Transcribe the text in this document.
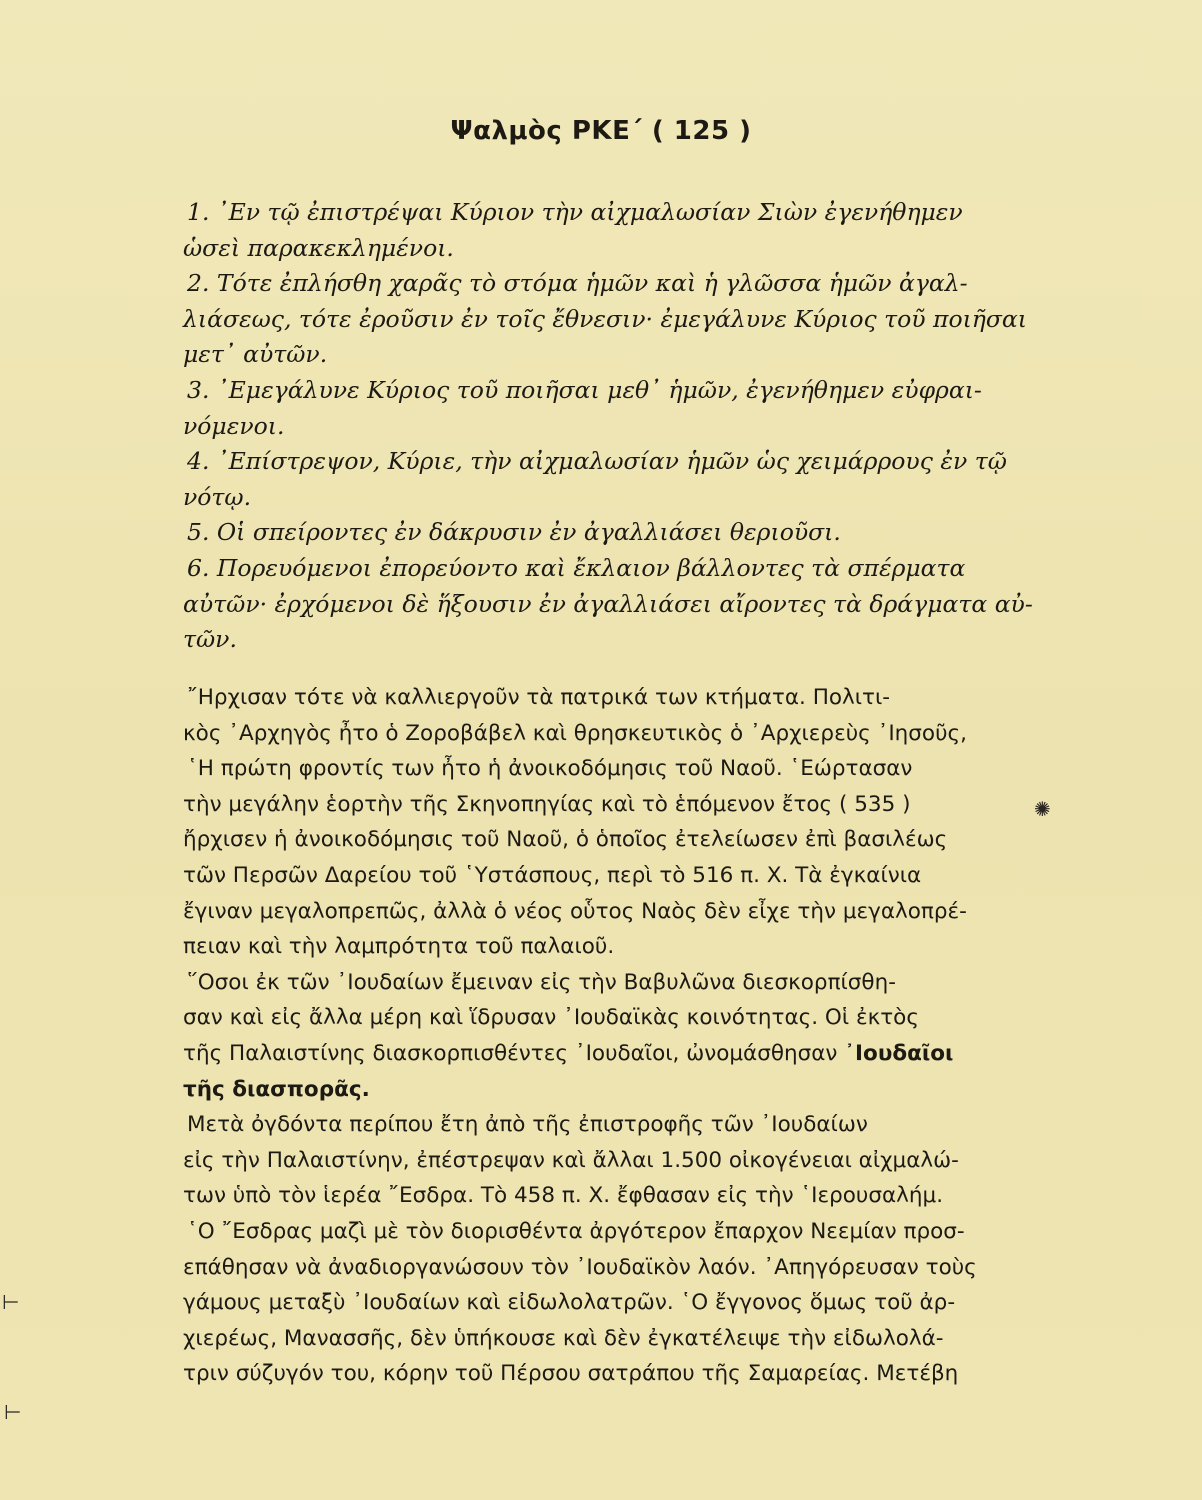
Ψαλμὸς ΡΚΕ΄ ( 125 )
1. ᾿Εν τῷ ἐπιστρέψαι Κύριον τὴν αἰχμαλωσίαν Σιὼν ἐγενήθημεν
ὡσεὶ παρακεκλημένοι.
2. Τότε ἐπλήσθη χαρᾶς τὸ στόμα ἡμῶν καὶ ἡ γλῶσσα ἡμῶν ἀγαλ-
λιάσεως, τότε ἐροῦσιν ἐν τοῖς ἔθνεσιν· ἐμεγάλυνε Κύριος τοῦ ποιῆσαι
μετ᾿ αὐτῶν.
3. ᾿Εμεγάλυνε Κύριος τοῦ ποιῆσαι μεθ᾿ ἡμῶν, ἐγενήθημεν εὐφραι-
νόμενοι.
4. ᾿Επίστρεψον, Κύριε, τὴν αἰχμαλωσίαν ἡμῶν ὡς χειμάρρους ἐν τῷ
νότῳ.
5. Οἱ σπείροντες ἐν δάκρυσιν ἐν ἀγαλλιάσει θεριοῦσι.
6. Πορευόμενοι ἐπορεύοντο καὶ ἔκλαιον βάλλοντες τὰ σπέρματα
αὐτῶν· ἐρχόμενοι δὲ ἥξουσιν ἐν ἀγαλλιάσει αἴροντες τὰ δράγματα αὐ-
τῶν.
῎Ηρχισαν τότε νὰ καλλιεργοῦν τὰ πατρικά των κτήματα. Πολιτι-
κὸς ᾿Αρχηγὸς ἦτο ὁ Ζοροβάβελ καὶ θρησκευτικὸς ὁ ᾿Αρχιερεὺς ᾿Ιησοῦς,
῾Η πρώτη φροντίς των ἦτο ἡ ἀνοικοδόμησις τοῦ Ναοῦ. ῾Εώρτασαν
τὴν μεγάλην ἑορτὴν τῆς Σκηνοπηγίας καὶ τὸ ἑπόμενον ἔτος ( 535 )
ἤρχισεν ἡ ἀνοικοδόμησις τοῦ Ναοῦ, ὁ ὁποῖος ἐτελείωσεν ἐπὶ βασιλέως
τῶν Περσῶν Δαρείου τοῦ ῾Υστάσπους, περὶ τὸ 516 π. Χ. Τὰ ἐγκαίνια
ἔγιναν μεγαλοπρεπῶς, ἀλλὰ ὁ νέος οὗτος Ναὸς δὲν εἶχε τὴν μεγαλοπρέ-
πειαν καὶ τὴν λαμπρότητα τοῦ παλαιοῦ.
῞Οσοι ἐκ τῶν ᾿Ιουδαίων ἔμειναν εἰς τὴν Βαβυλῶνα διεσκορπίσθη-
σαν καὶ εἰς ἄλλα μέρη καὶ ἵδρυσαν ᾿Ιουδαϊκὰς κοινότητας. Οἱ ἐκτὸς
τῆς Παλαιστίνης διασκορπισθέντες ᾿Ιουδαῖοι, ὠνομάσθησαν ᾿Ιουδαῖοι
τῆς διασπορᾶς.
Μετὰ ὀγδόντα περίπου ἔτη ἀπὸ τῆς ἐπιστροφῆς τῶν ᾿Ιουδαίων
εἰς τὴν Παλαιστίνην, ἐπέστρεψαν καὶ ἄλλαι 1.500 οἰκογένειαι αἰχμαλώ-
των ὑπὸ τὸν ἱερέα ῎Εσδρα. Τὸ 458 π. Χ. ἔφθασαν εἰς τὴν ῾Ιερουσαλήμ.
῾Ο ῎Εσδρας μαζὶ μὲ τὸν διορισθέντα ἀργότερον ἔπαρχον Νεεμίαν προσ-
επάθησαν νὰ ἀναδιοργανώσουν τὸν ᾿Ιουδαϊκὸν λαόν. ᾿Απηγόρευσαν τοὺς
γάμους μεταξὺ ᾿Ιουδαίων καὶ εἰδωλολατρῶν. ῾Ο ἔγγονος ὅμως τοῦ ἀρ-
χιερέως, Μανασσῆς, δὲν ὑπήκουσε καὶ δὲν ἐγκατέλειψε τὴν εἰδωλολά-
τριν σύζυγόν του, κόρην τοῦ Πέρσου σατράπου τῆς Σαμαρείας. Μετέβη
✺
⊢
⊢
